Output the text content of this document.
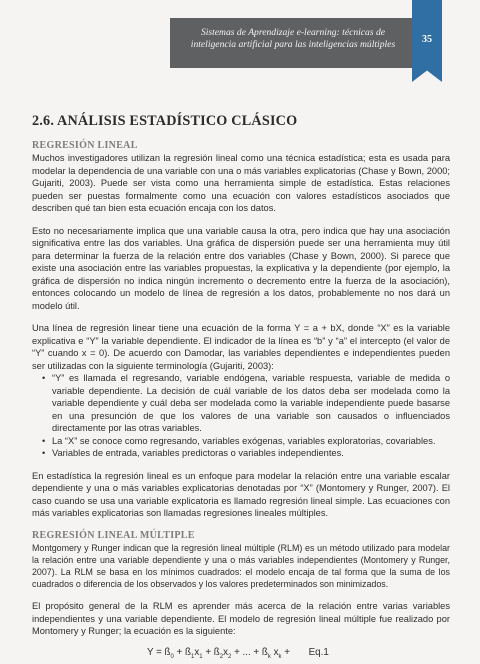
Sistemas de Aprendizaje e-learning: técnicas de
inteligencia artificial para las inteligencias múltiples	35
2.6. ANÁLISIS ESTADÍSTICO CLÁSICO
REGRESIÓN LINEAL

Muchos investigadores utilizan la regresión lineal como una técnica estadística; esta es usada para modelar la dependencia de una variable con una o más variables explicatorias (Chase y Bown, 2000; Gujariti, 2003). Puede ser vista como una herramienta simple de estadística. Estas relaciones pueden ser puestas formalmente como una ecuación con valores estadísticos asociados que describen qué tan bien esta ecuación encaja con los datos.

Esto no necesariamente implica que una variable causa la otra, pero indica que hay una asociación significativa entre las dos variables. Una gráfica de dispersión puede ser una herramienta muy útil para determinar la fuerza de la relación entre dos variables (Chase y Bown, 2000). Si parece que existe una asociación entre las variables propuestas, la explicativa y la dependiente (por ejemplo, la gráfica de dispersión no indica ningún incremento o decremento entre la fuerza de la asociación), entonces colocando un modelo de línea de regresión a los datos, probablemente no nos dará un modelo útil.

Una línea de regresión linear tiene una ecuación de la forma Y = a + bX, donde “X” es la variable explicativa e “Y” la variable dependiente. El indicador de la línea es “b” y “a” el intercepto (el valor de “Y” cuando x = 0). De acuerdo con Damodar, las variables dependientes e independientes pueden ser utilizadas con la siguiente terminología (Gujariti, 2003):

• “Y” es llamada el regresando, variable endógena, variable respuesta, variable de medida o variable dependiente. La decisión de cuál variable de los datos deba ser modelada como la variable dependiente y cuál deba ser modelada como la variable independiente puede basarse en una presunción de que los valores de una variable son causados o influenciados directamente por las otras variables.
• La “X” se conoce como regresando, variables exógenas, variables exploratorias, covariables.
• Variables de entrada, variables predictoras o variables independientes.

En estadística la regresión lineal es un enfoque para modelar la relación entre una variable escalar dependiente y una o más variables explicatorias denotadas por “X” (Montomery y Runger, 2007). El caso cuando se usa una variable explicatoria es llamado regresión lineal simple. Las ecuaciones con más variables explicatorias son llamadas regresiones lineales múltiples.

REGRESIÓN LINEAL MÚLTIPLE

Montgomery y Runger indican que la regresión lineal múltiple (RLM) es un método utilizado para modelar la relación entre una variable dependiente y una o más variables independientes (Montomery y Runger, 2007). La RLM se basa en los mínimos cuadrados: el modelo encaja de tal forma que la suma de los cuadrados o diferencia de los observados y los valores predeterminados son minimizados.

El propósito general de la RLM es aprender más acerca de la relación entre varias variables independientes y una variable dependiente. El modelo de regresión lineal múltiple fue realizado por Montomery y Runger; la ecuación es la siguiente:

$Y = ß_0$ + $ß_1x_1$ + $ß_2x_2$ + ... + $ß_k$ $x_k + Eq.1$
